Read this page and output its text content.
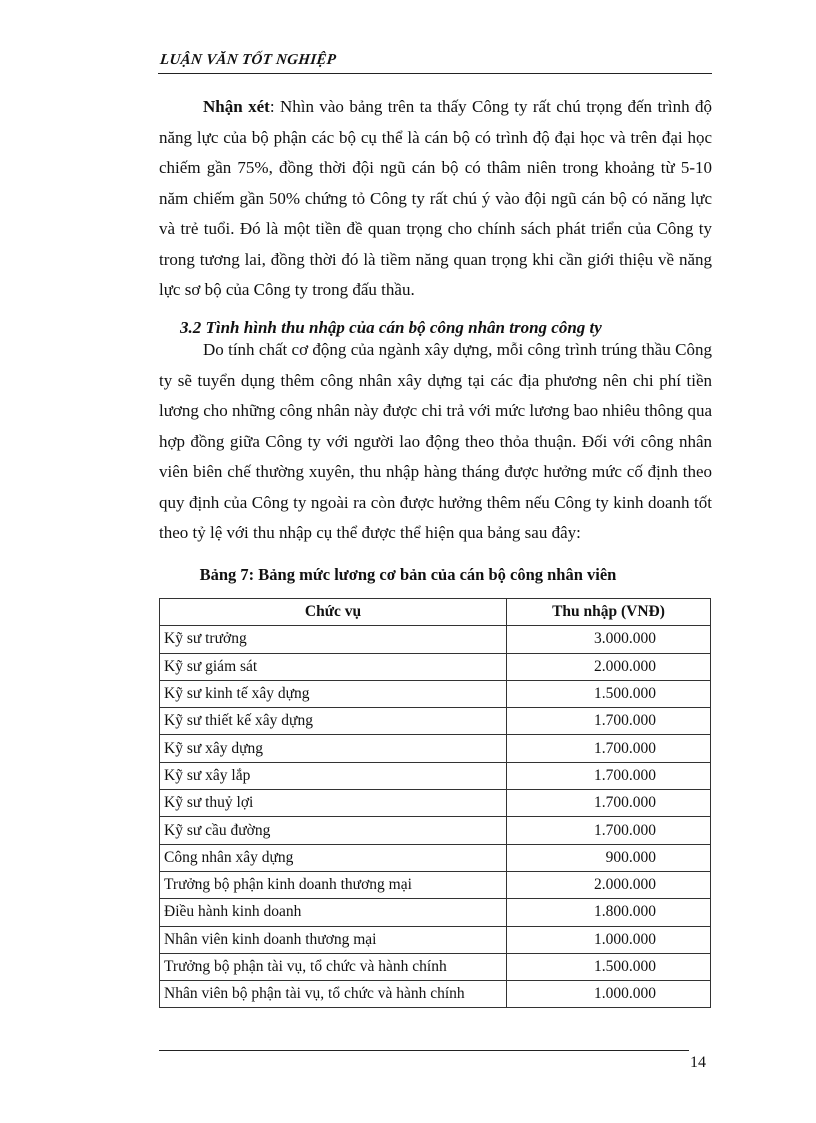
LUẬN VĂN TỐT NGHIỆP

Nhận xét: Nhìn vào bảng trên ta thấy Công ty rất chú trọng đến trình độ năng lực của bộ phận các bộ cụ thể là cán bộ có trình độ đại học và trên đại học chiếm gần 75%, đồng thời đội ngũ cán bộ có thâm niên trong khoảng từ 5-10 năm chiếm gần 50% chứng tỏ Công ty rất chú ý vào đội ngũ cán bộ có năng lực và trẻ tuổi. Đó là một tiền đề quan trọng cho chính sách phát triển của Công ty trong tương lai, đồng thời đó là tiềm năng quan trọng khi cần giới thiệu về năng lực sơ bộ của Công ty trong đấu thầu.

3.2 Tình hình thu nhập của cán bộ công nhân trong công ty

Do tính chất cơ động của ngành xây dựng, mỗi công trình trúng thầu Công ty sẽ tuyển dụng thêm công nhân xây dựng tại các địa phương nên chi phí tiền lương cho những công nhân này được chi trả với mức lương bao nhiêu thông qua hợp đồng giữa Công ty với người lao động theo thỏa thuận. Đối với công nhân viên biên chế thường xuyên, thu nhập hàng tháng được hưởng mức cố định theo quy định của Công ty ngoài ra còn được hưởng thêm nếu Công ty kinh doanh tốt theo tỷ lệ với thu nhập cụ thể được thể hiện qua bảng sau đây:

Bảng 7: Bảng mức lương cơ bản của cán bộ công nhân viên
Chức vụ	Thu nhập (VNĐ)
Kỹ sư trưởng	3.000.000
Kỹ sư giám sát	2.000.000
Kỹ sư kinh tế xây dựng	1.500.000
Kỹ sư thiết kế xây dựng	1.700.000
Kỹ sư xây dựng	1.700.000
Kỹ sư xây lắp	1.700.000
Kỹ sư thuỷ lợi	1.700.000
Kỹ sư cầu đường	1.700.000
Công nhân xây dựng	900.000
Trưởng bộ phận kinh doanh thương mại	2.000.000
Điều hành kinh doanh	1.800.000
Nhân viên kinh doanh thương mại	1.000.000
Trưởng bộ phận tài vụ, tổ chức và hành chính	1.500.000
Nhân viên bộ phận tài vụ, tổ chức và hành chính	1.000.000
14
